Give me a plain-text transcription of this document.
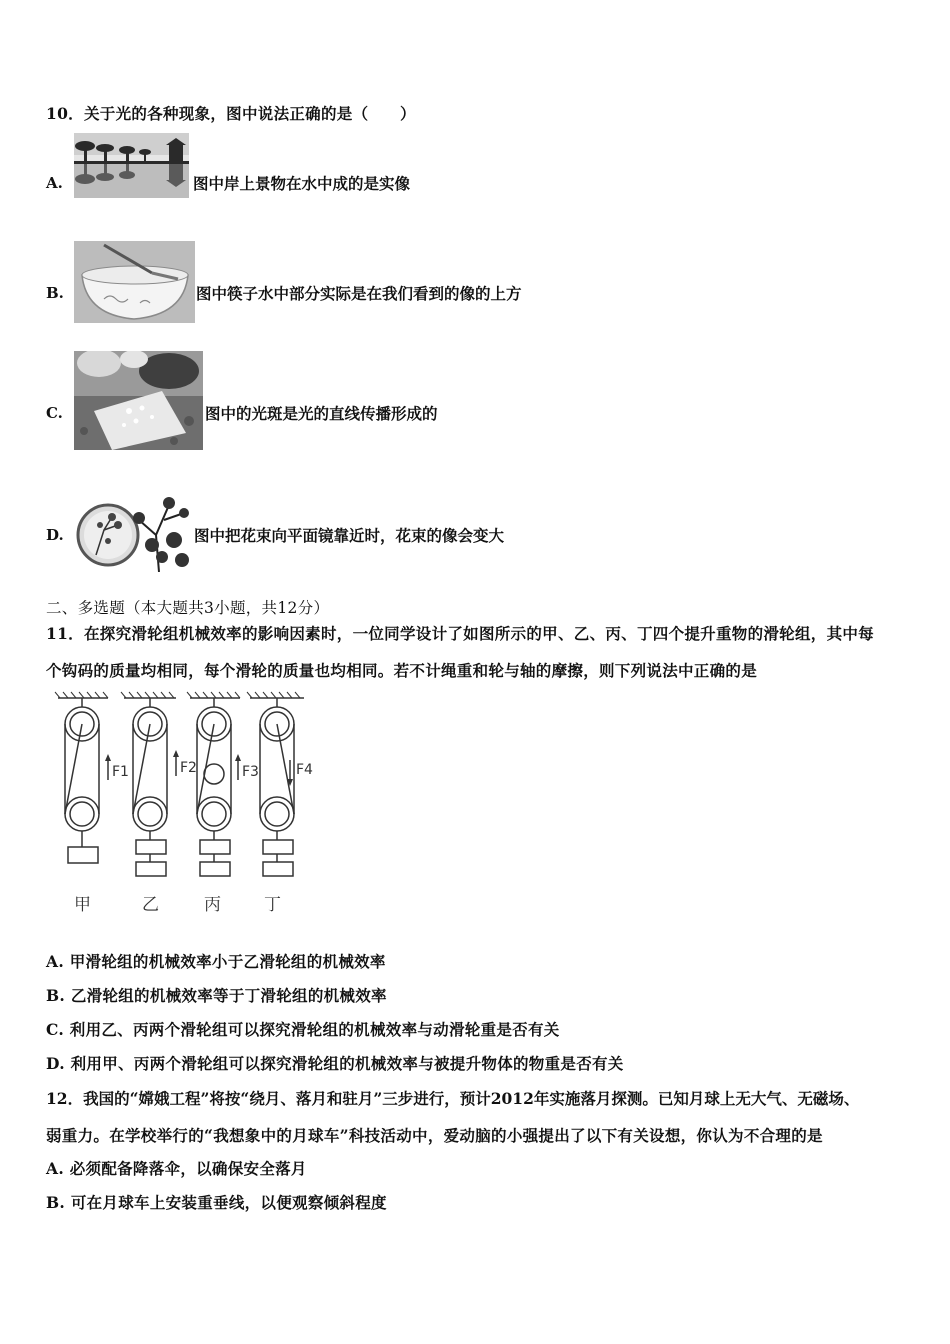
10．关于光的各种现象，图中说法正确的是（　　）
A.	图中岸上景物在水中成的是实像
B.	图中筷子水中部分实际是在我们看到的像的上方
C.	图中的光斑是光的直线传播形成的
D.	图中把花束向平面镜靠近时，花束的像会变大
二、多选题（本大题共3小题，共12分）
11．在探究滑轮组机械效率的影响因素时，一位同学设计了如图所示的甲、乙、丙、丁四个提升重物的滑轮组，其中每
个钩码的质量均相同，每个滑轮的质量也均相同。若不计绳重和轮与轴的摩擦，则下列说法中正确的是
F1	F2	F3	F4
甲	乙	丙	丁
A. 甲滑轮组的机械效率小于乙滑轮组的机械效率
B. 乙滑轮组的机械效率等于丁滑轮组的机械效率
C. 利用乙、丙两个滑轮组可以探究滑轮组的机械效率与动滑轮重是否有关
D. 利用甲、丙两个滑轮组可以探究滑轮组的机械效率与被提升物体的物重是否有关
12．我国的“嫦娥工程”将按“绕月、落月和驻月”三步进行，预计2012年实施落月探测。已知月球上无大气、无磁场、
弱重力。在学校举行的“我想象中的月球车”科技活动中，爱动脑的小强提出了以下有关设想，你认为不合理的是
A. 必须配备降落伞，以确保安全落月
B. 可在月球车上安装重垂线，以便观察倾斜程度
